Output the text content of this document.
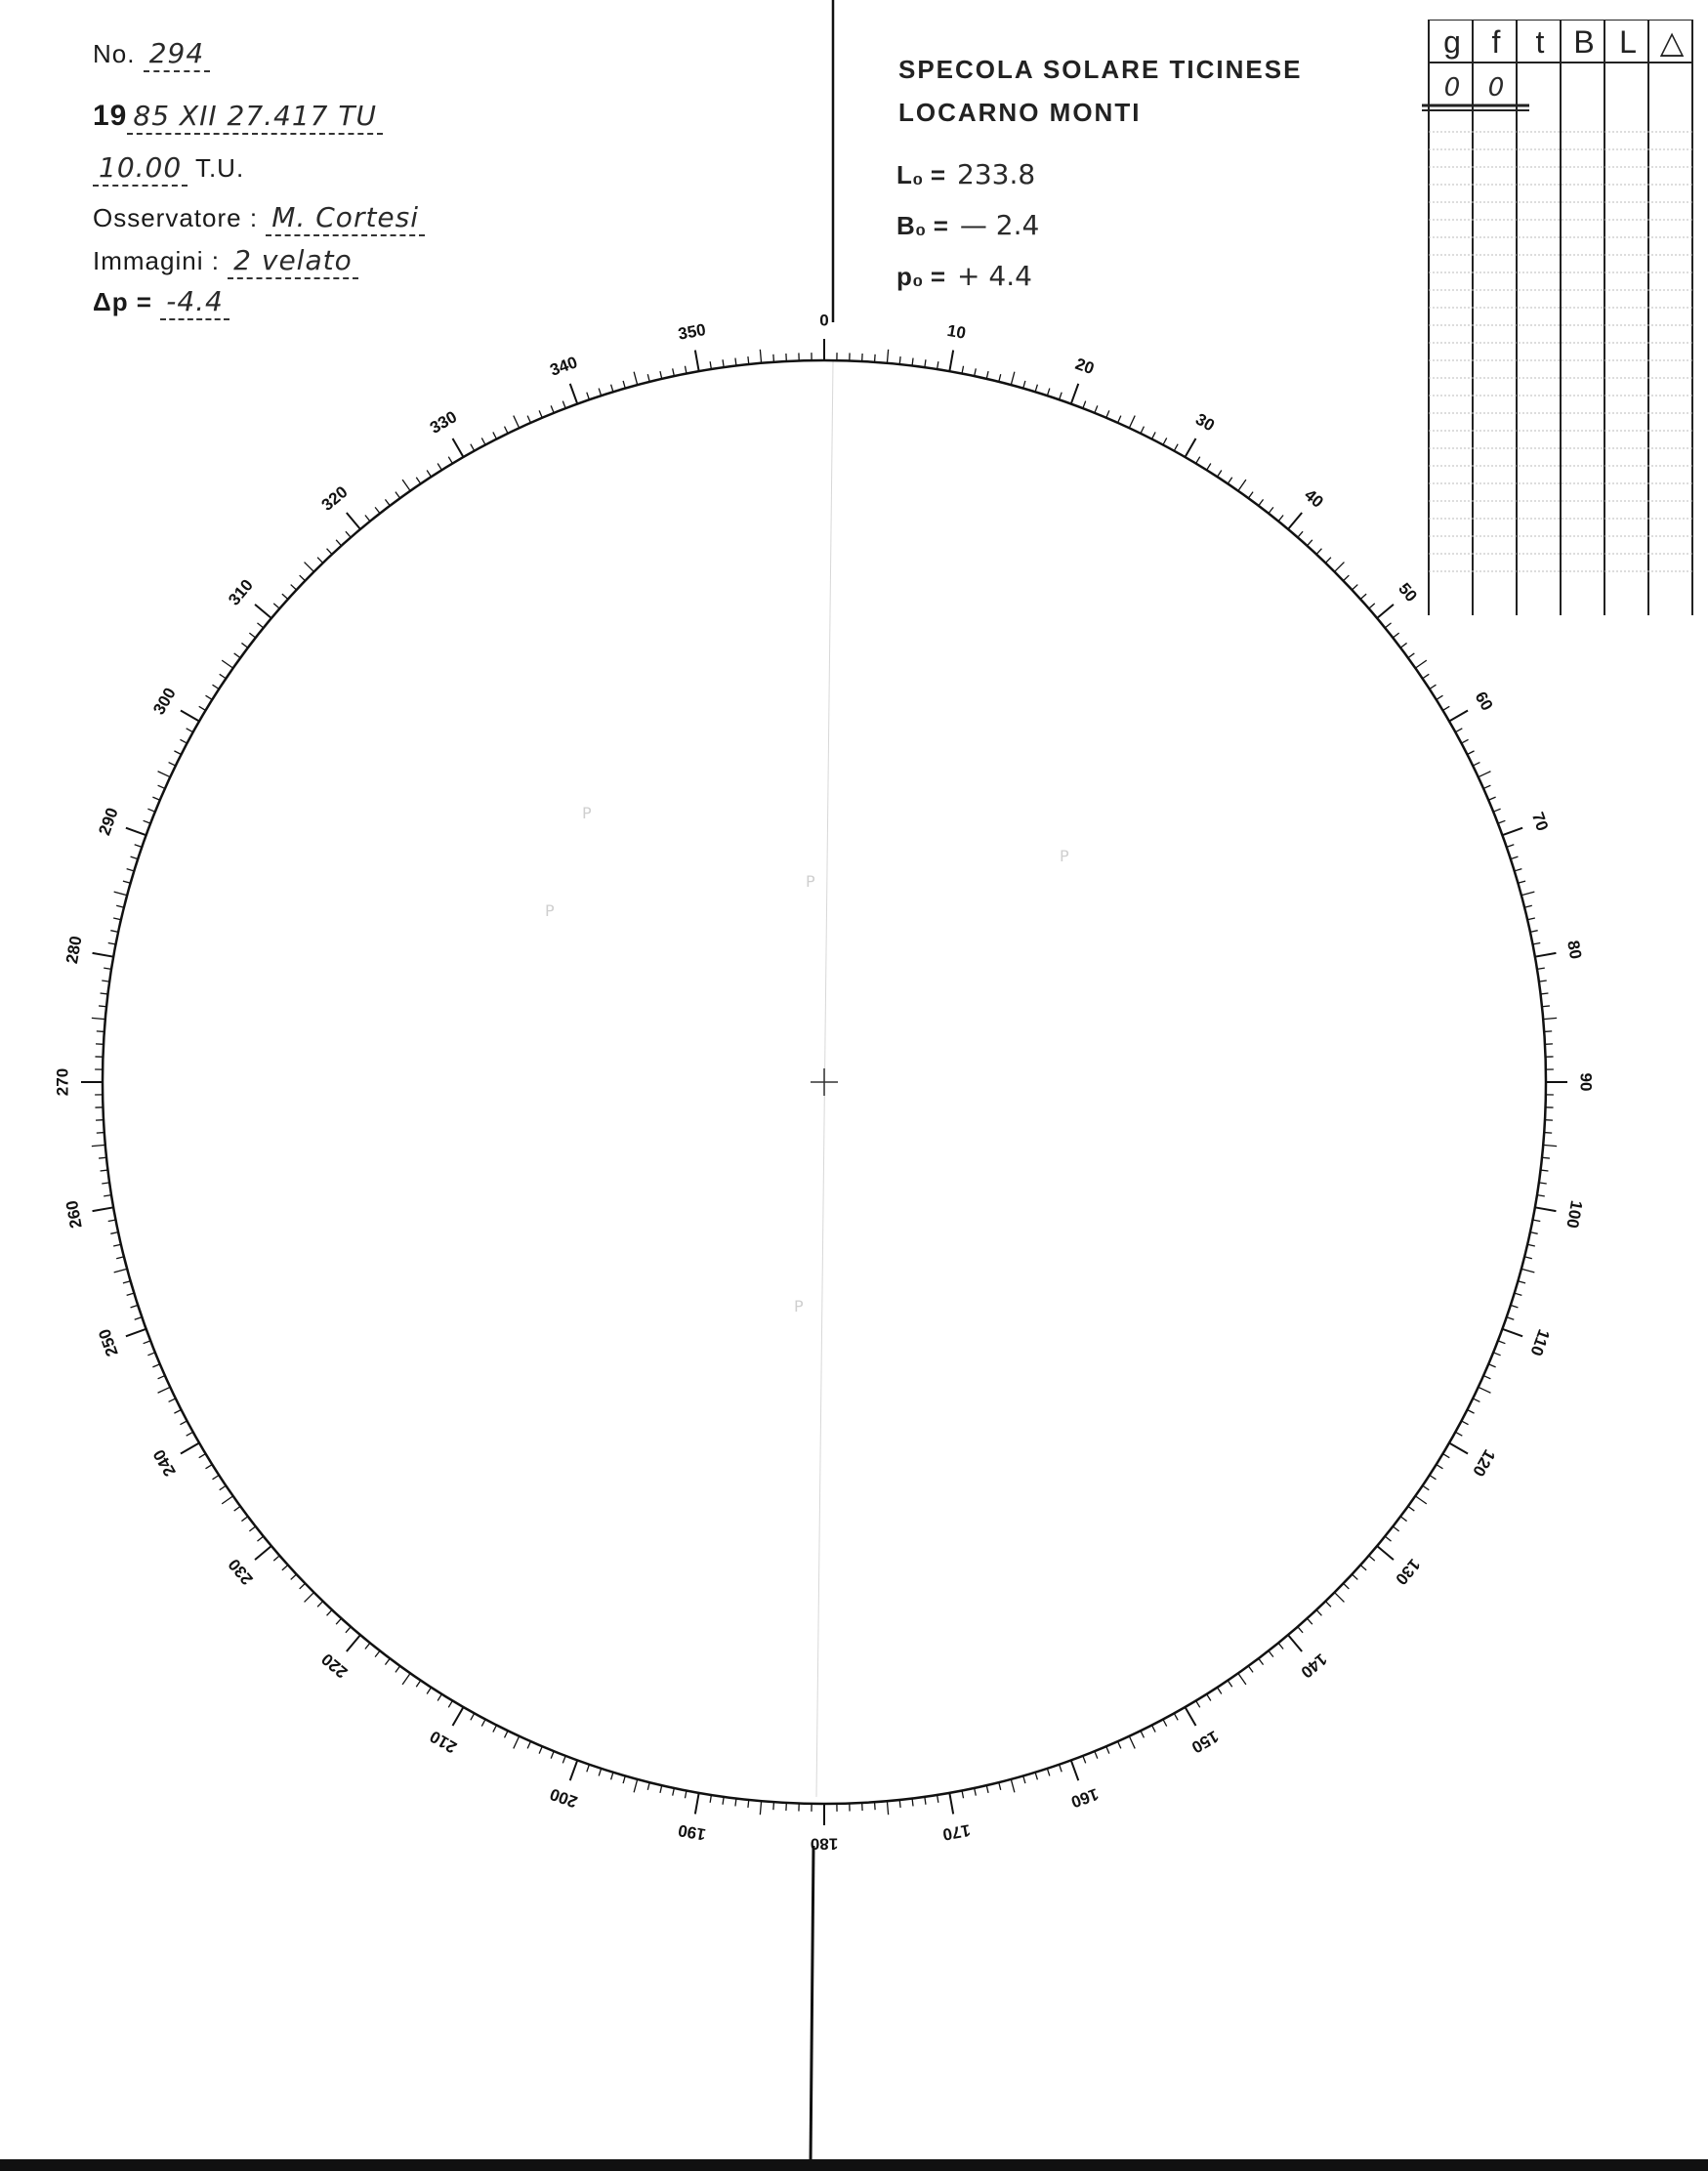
No. 294
19 85 XII 27.417 TU
10.00 T.U.
Osservatore : M. Cortesi
Immagini : 2 velato
Δp = -4.4
SPECOLA SOLARE TICINESE
LOCARNO MONTI
L₀ = 233.8
B₀ = — 2.4
p₀ = + 4.4
g f	t B L △
0	0
0
10
20
30
40
50
60
70
80
90
100
110
120
130
140
150
160
170
180
190
200
210
220
230
240
250
260
270
280
290
300
310
320
330
340
350
P
P
P
P
P
